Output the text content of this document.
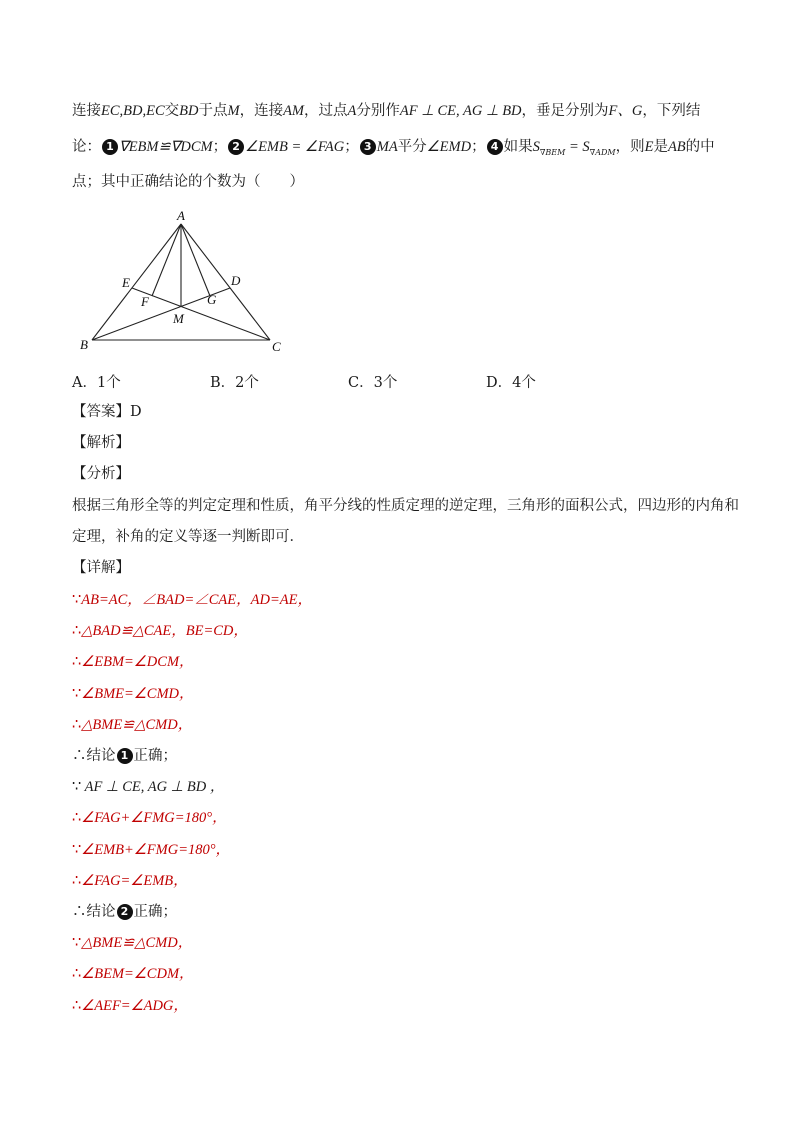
连接EC,BD,EC交BD于点M，连接AM，过点A分别作AF ⊥ CE, AG ⊥ BD，垂足分别为F、G，下列结
论： 1 ∇EBM≌∇DCM； 2 ∠EMB = ∠FAG； 3 MA平分∠EMD； 4 如果$S_{\nabla BEM} = S_{\nabla ADM}$，则E是AB的中
点；其中正确结论的个数为（　　）
A
B	C
D
E
F	G
M
A．1个	B．2个	C．3个	D．4个
【答案】D
【解析】
【分析】
根据三角形全等的判定定理和性质，角平分线的性质定理的逆定理，三角形的面积公式，四边形的内角和
定理，补角的定义等逐一判断即可．
【详解】
∵AB=AC，∠BAD=∠CAE，AD=AE，
∴△BAD≌△CAE，BE=CD，
∴∠EBM=∠DCM，
∵∠BME=∠CMD，
∴△BME≌△CMD，
∴结论 1 正确；
∵ AF ⊥ CE, AG ⊥ BD ，
∴∠FAG+∠FMG=180°，
∵∠EMB+∠FMG=180°，
∴∠FAG=∠EMB，
∴结论 2 正确；
∵△BME≌△CMD，
∴∠BEM=∠CDM，
∴∠AEF=∠ADG，
